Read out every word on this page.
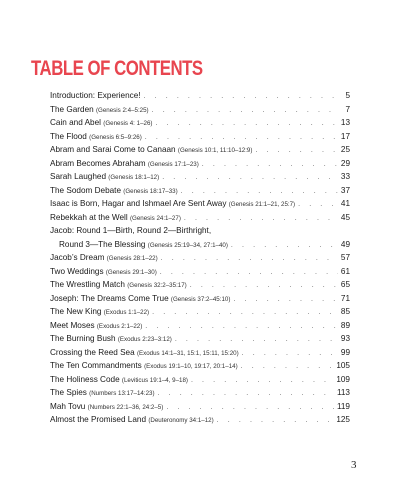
TABLE OF CONTENTS
Introduction: Experience! . . .	5
The Garden (Genesis 2:4–5:25) . . .	7
Cain and Abel (Genesis 4: 1–26) . . .	13
The Flood (Genesis 6:5–9:26) . . .	17
Abram and Sarai Come to Canaan (Genesis 10:1, 11:10–12:9) . . .	25
Abram Becomes Abraham (Genesis 17:1–23) . . .	29
Sarah Laughed (Genesis 18:1–12) . . .	33
The Sodom Debate (Genesis 18:17–33) . . .	37
Isaac is Born, Hagar and Ishmael Are Sent Away (Genesis 21:1–21, 25:7) . . .	41
Rebekkah at the Well (Genesis 24:1–27) . . .	45
Jacob: Round 1—Birth, Round 2—Birthright,
Round 3—The Blessing (Genesis 25:19–34, 27:1–40) . . .	49
Jacob’s Dream (Genesis 28:1–22) . . .	57
Two Weddings (Genesis 29:1–30) . . .	61
The Wrestling Match (Genesis 32:2–35:17) . . .	65
Joseph: The Dreams Come True (Genesis 37:2–45:10) . . .	71
The New King (Exodus 1:1–22) . . .	85
Meet Moses (Exodus 2:1–22) . . .	89
The Burning Bush (Exodus 2:23–3:12) . . .	93
Crossing the Reed Sea (Exodus 14:1–31, 15:1, 15:11, 15:20) . . .	99
The Ten Commandments (Exodus 19:1–10, 19:17, 20:1–14) . . .	105
The Holiness Code (Leviticus 19:1–4, 9–18) . . .	109
The Spies (Numbers 13:17–14:23) . . .	113
Mah Tovu (Numbers 22:1–36, 24:2–5) . . .	119
Almost the Promised Land (Deuteronomy 34:1–12) . . .	125
3
